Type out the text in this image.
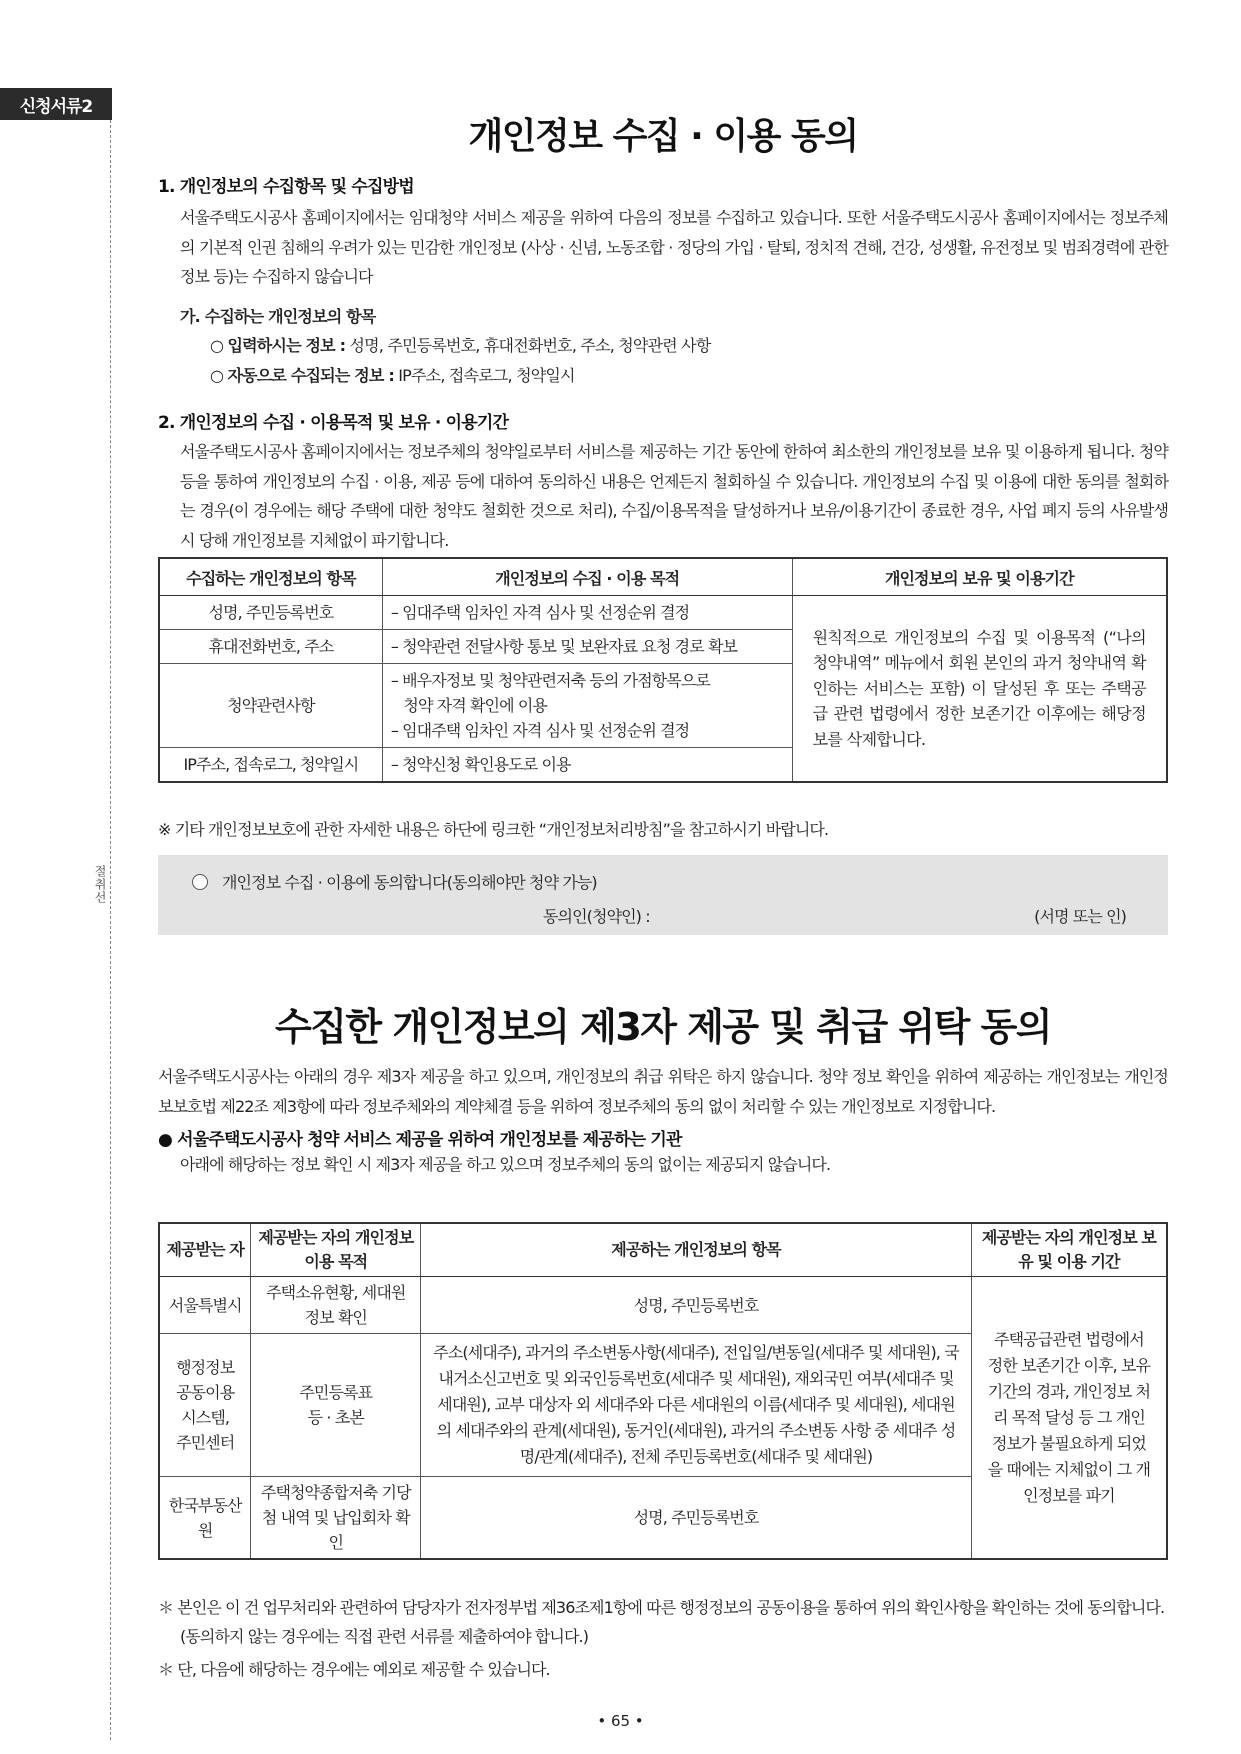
신청서류2
절취선
개인정보 수집 · 이용 동의
1. 개인정보의 수집항목 및 수집방법
서울주택도시공사 홈페이지에서는 임대청약 서비스 제공을 위하여 다음의 정보를 수집하고 있습니다. 또한 서울주택도시공사 홈페이지에서는 정보주체의 기본적 인권 침해의 우려가 있는 민감한 개인정보 (사상 · 신념, 노동조합 · 정당의 가입 · 탈퇴, 정치적 견해, 건강, 성생활, 유전정보 및 범죄경력에 관한 정보 등)는 수집하지 않습니다
가. 수집하는 개인정보의 항목
○ 입력하시는 정보 : 성명, 주민등록번호, 휴대전화번호, 주소, 청약관련 사항
○ 자동으로 수집되는 정보 : IP주소, 접속로그, 청약일시
2. 개인정보의 수집 · 이용목적 및 보유 · 이용기간
서울주택도시공사 홈페이지에서는 정보주체의 청약일로부터 서비스를 제공하는 기간 동안에 한하여 최소한의 개인정보를 보유 및 이용하게 됩니다. 청약 등을 통하여 개인정보의 수집 · 이용, 제공 등에 대하여 동의하신 내용은 언제든지 철회하실 수 있습니다. 개인정보의 수집 및 이용에 대한 동의를 철회하는 경우(이 경우에는 해당 주택에 대한 청약도 철회한 것으로 처리), 수집/이용목적을 달성하거나 보유/이용기간이 종료한 경우, 사업 폐지 등의 사유발생시 당해 개인정보를 지체없이 파기합니다.
수집하는 개인정보의 항목	개인정보의 수집 · 이용 목적	개인정보의 보유 및 이용기간
성명, 주민등록번호	– 임대주택 임차인 자격 심사 및 선정순위 결정	원칙적으로 개인정보의 수집 및 이용목적 (“나의 청약내역” 메뉴에서 회원 본인의 과거 청약내역 확인하는 서비스는 포함) 이 달성된 후 또는 주택공급 관련 법령에서 정한 보존기간 이후에는 해당정보를 삭제합니다.
휴대전화번호, 주소	– 청약관련 전달사항 통보 및 보완자료 요청 경로 확보	
청약관련사항	– 배우자정보 및 청약관련저축 등의 가점항목으로
청약 자격 확인에 이용
– 임대주택 임차인 자격 심사 및 선정순위 결정	

IP주소, 접속로그, 청약일시	– 청약신청 확인용도로 이용	
※ 기타 개인정보보호에 관한 자세한 내용은 하단에 링크한 “개인정보처리방침”을 참고하시기 바랍니다.
개인정보 수집 · 이용에 동의합니다(동의해야만 청약 가능)
동의인(청약인) :	(서명 또는 인)
수집한 개인정보의 제3자 제공 및 취급 위탁 동의
서울주택도시공사는 아래의 경우 제3자 제공을 하고 있으며, 개인정보의 취급 위탁은 하지 않습니다. 청약 정보 확인을 위하여 제공하는 개인정보는 개인정보보호법 제22조 제3항에 따라 정보주체와의 계약체결 등을 위하여 정보주체의 동의 없이 처리할 수 있는 개인정보로 지정합니다.
● 서울주택도시공사 청약 서비스 제공을 위하여 개인정보를 제공하는 기관
아래에 해당하는 정보 확인 시 제3자 제공을 하고 있으며 정보주체의 동의 없이는 제공되지 않습니다.
제공받는 자	제공받는 자의 개인정보 이용 목적	제공하는 개인정보의 항목	제공받는 자의 개인정보 보유 및 이용 기간
서울특별시	주택소유현황, 세대원 정보 확인	성명, 주민등록번호	주택공급관련 법령에서 정한 보존기간 이후, 보유기간의 경과, 개인정보 처리 목적 달성 등 그 개인정보가 불필요하게 되었을 때에는 지체없이 그 개인정보를 파기
행정정보 공동이용 시스템, 주민센터	주민등록표 등 · 초본	주소(세대주), 과거의 주소변동사항(세대주), 전입일/변동일(세대주 및 세대원), 국내거소신고번호 및 외국인등록번호(세대주 및 세대원), 재외국민 여부(세대주 및 세대원), 교부 대상자 외 세대주와 다른 세대원의 이름(세대주 및 세대원), 세대원의 세대주와의 관계(세대원), 동거인(세대원), 과거의 주소변동 사항 중 세대주 성명/관계(세대주), 전체 주민등록번호(세대주 및 세대원)	
한국부동산원	주택청약종합저축 기당첨 내역 및 납입회차 확인	성명, 주민등록번호	
＊ 본인은 이 건 업무처리와 관련하여 담당자가 전자정부법 제36조제1항에 따른 행정정보의 공동이용을 통하여 위의 확인사항을 확인하는 것에 동의합니다. (동의하지 않는 경우에는 직접 관련 서류를 제출하여야 합니다.)
＊ 단, 다음에 해당하는 경우에는 예외로 제공할 수 있습니다.
• 65 •
